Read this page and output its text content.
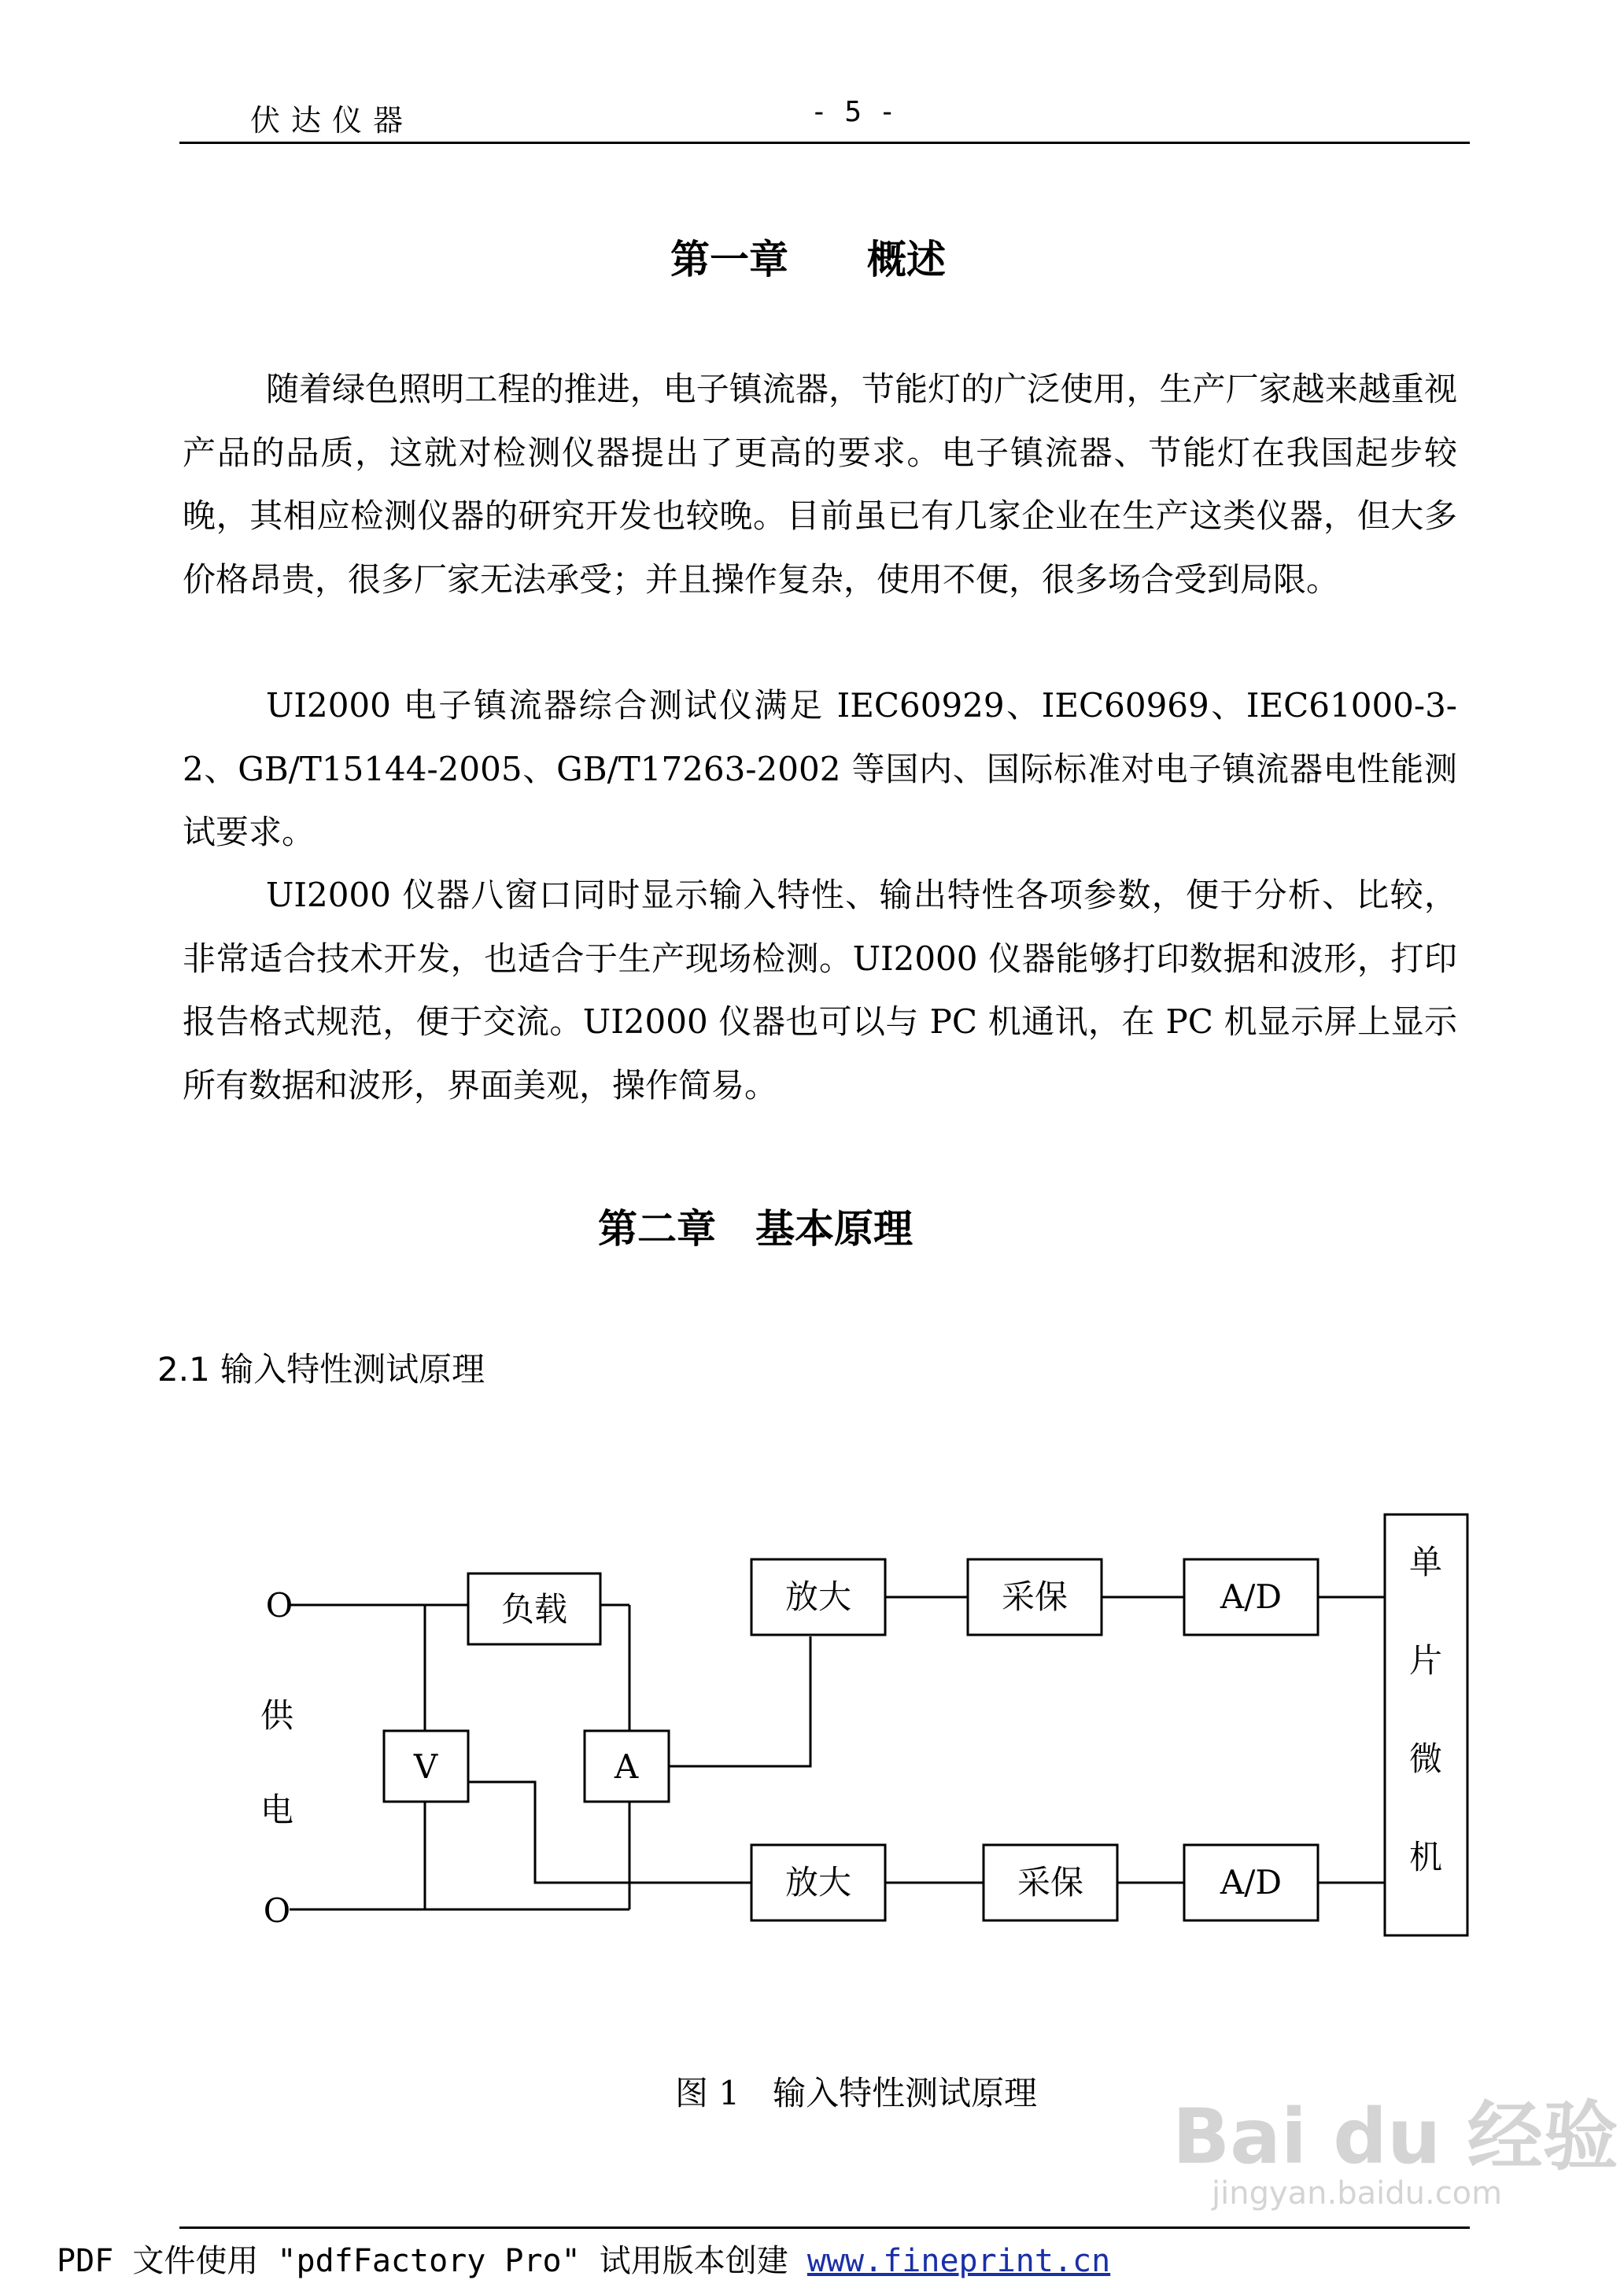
伏达仪器	- 5 -
第一章　　概述
随着绿色照明工程的推进，电子镇流器，节能灯的广泛使用，生产厂家越来越重视产品的品质，这就对检测仪器提出了更高的要求。电子镇流器、节能灯在我国起步较晚，其相应检测仪器的研究开发也较晚。目前虽已有几家企业在生产这类仪器，但大多价格昂贵，很多厂家无法承受；并且操作复杂，使用不便，很多场合受到局限。
UI2000 电子镇流器综合测试仪满足 IEC60929、IEC60969、IEC61000-3-2、GB/T15144-2005、GB/T17263-2002 等国内、国际标准对电子镇流器电性能测试要求。
UI2000 仪器八窗口同时显示输入特性、输出特性各项参数，便于分析、比较，非常适合技术开发，也适合于生产现场检测。UI2000 仪器能够打印数据和波形，打印报告格式规范，便于交流。UI2000 仪器也可以与 PC 机通讯，在 PC 机显示屏上显示所有数据和波形，界面美观，操作简易。
第二章　基本原理
2.1 输入特性测试原理
O
O
供
电
负载
V	A
放大	采保	A/D
放大	采保	A/D
单
片
微
机
图 1　输入特性测试原理 Bai du 经验
jingyan.baidu.com
PDF 文件使用 "pdfFactory Pro" 试用版本创建 www.fineprint.cn
